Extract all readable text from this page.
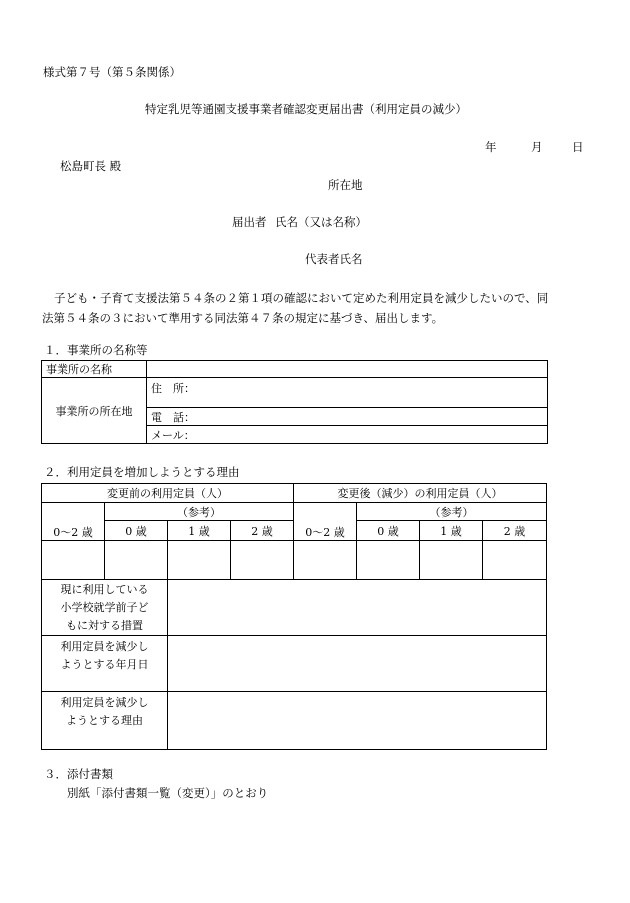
様式第７号（第５条関係）
特定乳児等通園支援事業者確認変更届出書（利用定員の減少）
年	月	日
松島町長 殿
所在地
届出者 氏名（又は名称）
代表者氏名
子ども・子育て支援法第５４条の２第１項の確認において定めた利用定員を減少したいので、同
法第５４条の３において準用する同法第４７条の規定に基づき、届出します。
１．事業所の名称等
事業所の名称	
事業所の所在地	住　所：
	電　話：
	メール：
２．利用定員を増加しようとする理由
変更前の利用定員（人）				変更後（減少）の利用定員（人）			
0～2 歳	（参考）			0～2 歳	（参考）		
	0 歳	1 歳	2 歳		0 歳	1 歳	2 歳

現に利用している
小学校就学前子ど
もに対する措置							

利用定員を減少し
ようとする年月日							

利用定員を減少し
ようとする理由							

３．添付書類
別紙「添付書類一覧（変更）」のとおり
